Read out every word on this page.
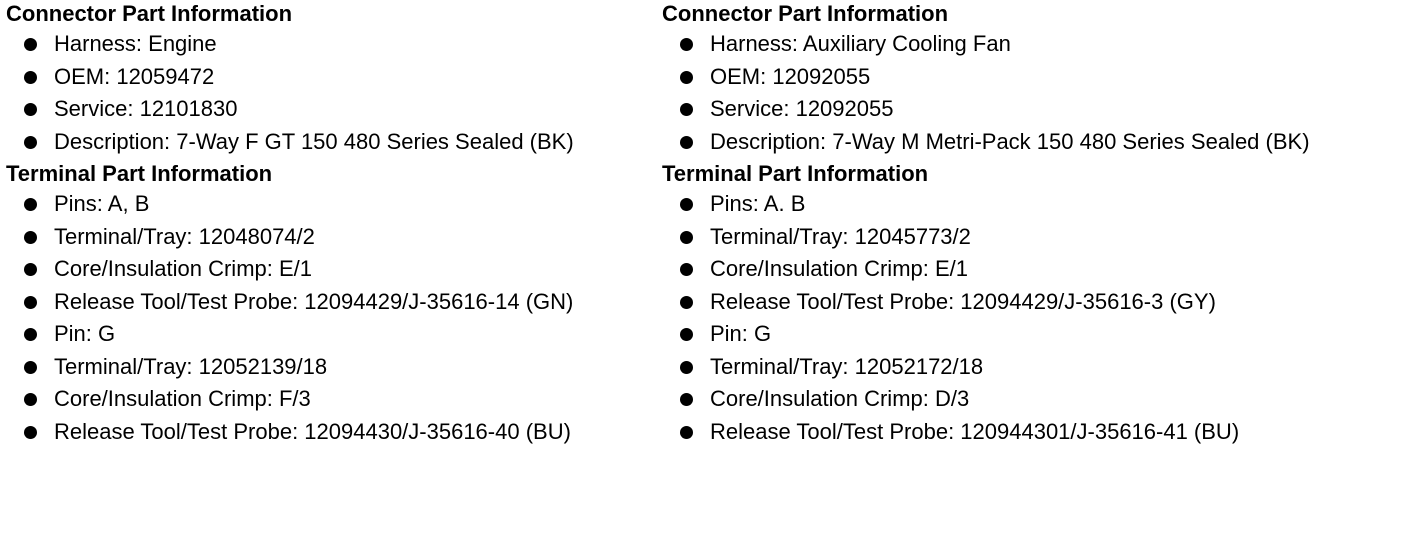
Connector Part Information
Harness: Engine
OEM: 12059472
Service: 12101830
Description: 7-Way F GT 150 480 Series Sealed (BK)
Terminal Part Information
Pins: A, B
Terminal/Tray: 12048074/2
Core/Insulation Crimp: E/1
Release Tool/Test Probe: 12094429/J-35616-14 (GN)
Pin: G
Terminal/Tray: 12052139/18
Core/Insulation Crimp: F/3
Release Tool/Test Probe: 12094430/J-35616-40 (BU)
Connector Part Information
Harness: Auxiliary Cooling Fan
OEM: 12092055
Service: 12092055
Description: 7-Way M Metri-Pack 150 480 Series Sealed (BK)
Terminal Part Information
Pins: A. B
Terminal/Tray: 12045773/2
Core/Insulation Crimp: E/1
Release Tool/Test Probe: 12094429/J-35616-3 (GY)
Pin: G
Terminal/Tray: 12052172/18
Core/Insulation Crimp: D/3
Release Tool/Test Probe: 120944301/J-35616-41 (BU)
